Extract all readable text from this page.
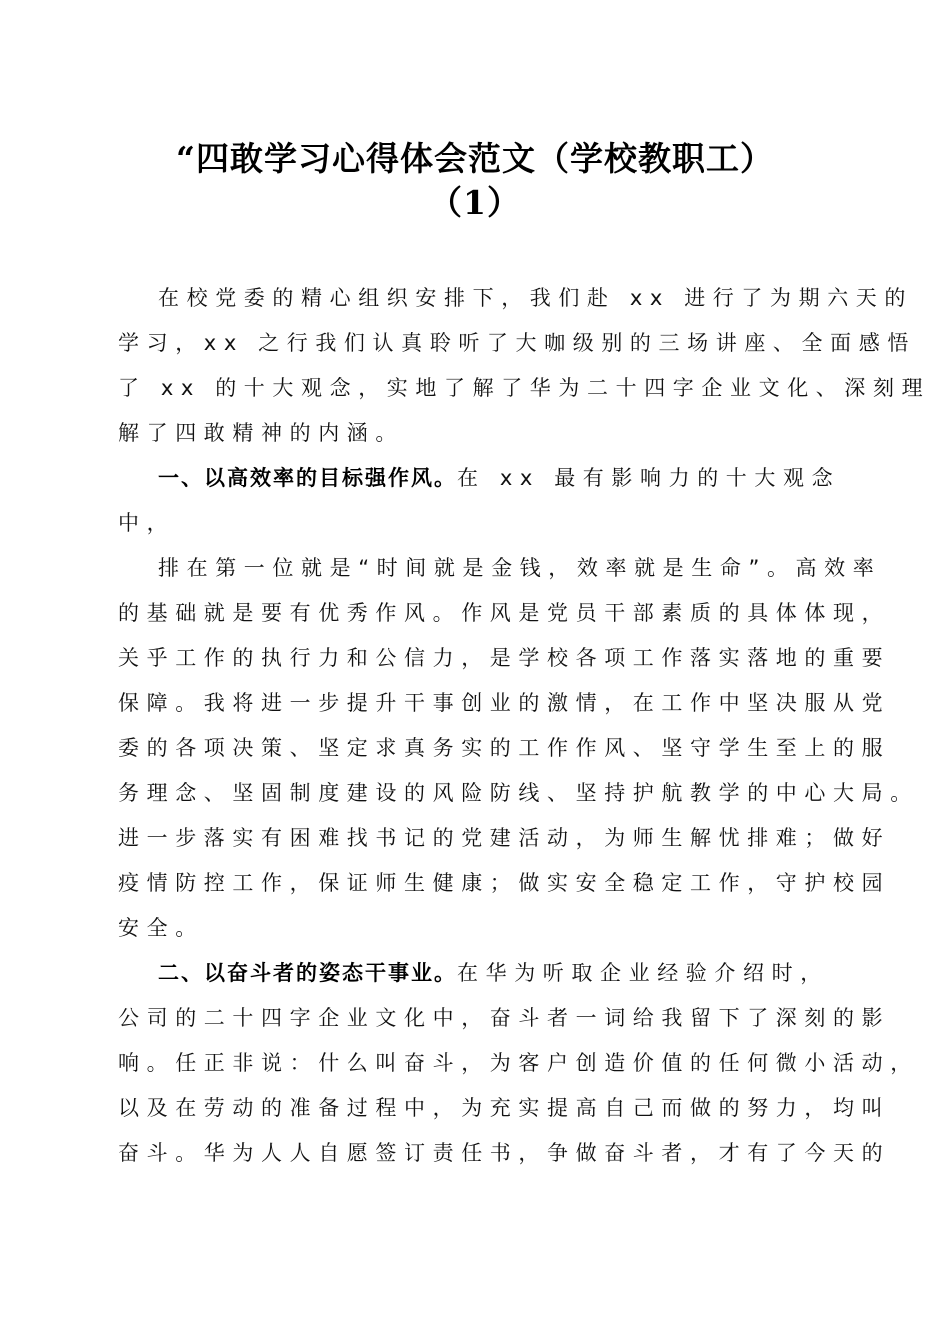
“四敢学习心得体会范文（学校教职工）
（1）
在校党委的精心组织安排下，我们赴 xx 进行了为期六天的
学习，xx 之行我们认真聆听了大咖级别的三场讲座、全面感悟
了 xx 的十大观念，实地了解了华为二十四字企业文化、深刻理
解了四敢精神的内涵。
一、以高效率的目标强作风。在 xx 最有影响力的十大观念
中，
排在第一位就是“时间就是金钱，效率就是生命”。高效率
的基础就是要有优秀作风。作风是党员干部素质的具体体现，
关乎工作的执行力和公信力，是学校各项工作落实落地的重要
保障。我将进一步提升干事创业的激情，在工作中坚决服从党
委的各项决策、坚定求真务实的工作作风、坚守学生至上的服
务理念、坚固制度建设的风险防线、坚持护航教学的中心大局。
进一步落实有困难找书记的党建活动，为师生解忧排难；做好
疫情防控工作，保证师生健康；做实安全稳定工作，守护校园
安全。
二、以奋斗者的姿态干事业。在华为听取企业经验介绍时，
公司的二十四字企业文化中，奋斗者一词给我留下了深刻的影
响。任正非说：什么叫奋斗，为客户创造价值的任何微小活动，
以及在劳动的准备过程中，为充实提高自己而做的努力，均叫
奋斗。华为人人自愿签订责任书，争做奋斗者，才有了今天的
